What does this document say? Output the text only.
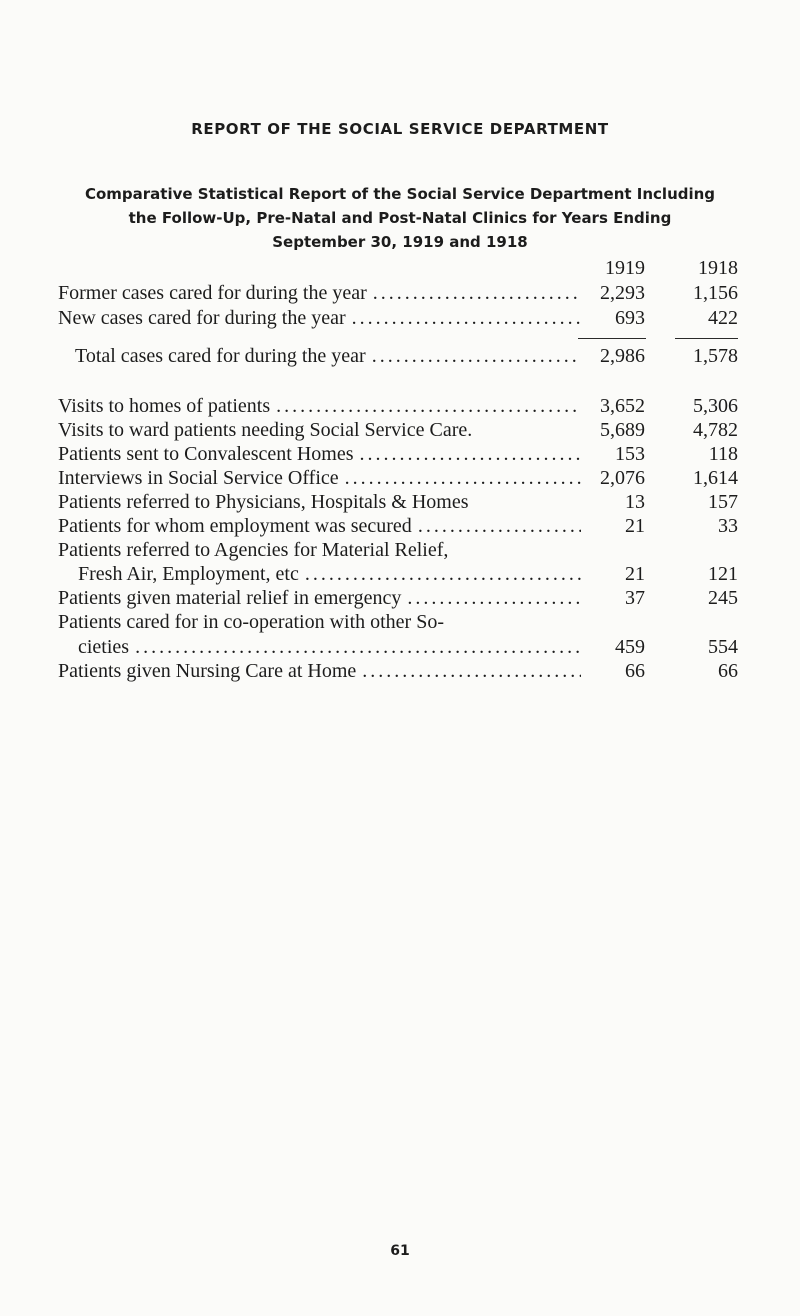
REPORT OF THE SOCIAL SERVICE DEPARTMENT
Comparative Statistical Report of the Social Service Department Including
the Follow-Up, Pre-Natal and Post-Natal Clinics for Years Ending
September 30, 1919 and 1918
1919	1918
Former cases cared for during the year . . .	2,293	1,156
New cases cared for during the year . . .	693	422
Total cases cared for during the year . . .	2,986	1,578
Visits to homes of patients . . .	3,652	5,306
Visits to ward patients needing Social Service Care.	5,689	4,782
Patients sent to Convalescent Homes . . .	153	118
Interviews in Social Service Office . . .	2,076	1,614
Patients referred to Physicians, Hospitals & Homes	13	157
Patients for whom employment was secured . . .	21	33
Patients referred to Agencies for Material Relief,
Fresh Air, Employment, etc . . .	21	121
Patients given material relief in emergency . . .	37	245
Patients cared for in co-operation with other So-
cieties . . .	459	554
Patients given Nursing Care at Home . . .	66	66
61
